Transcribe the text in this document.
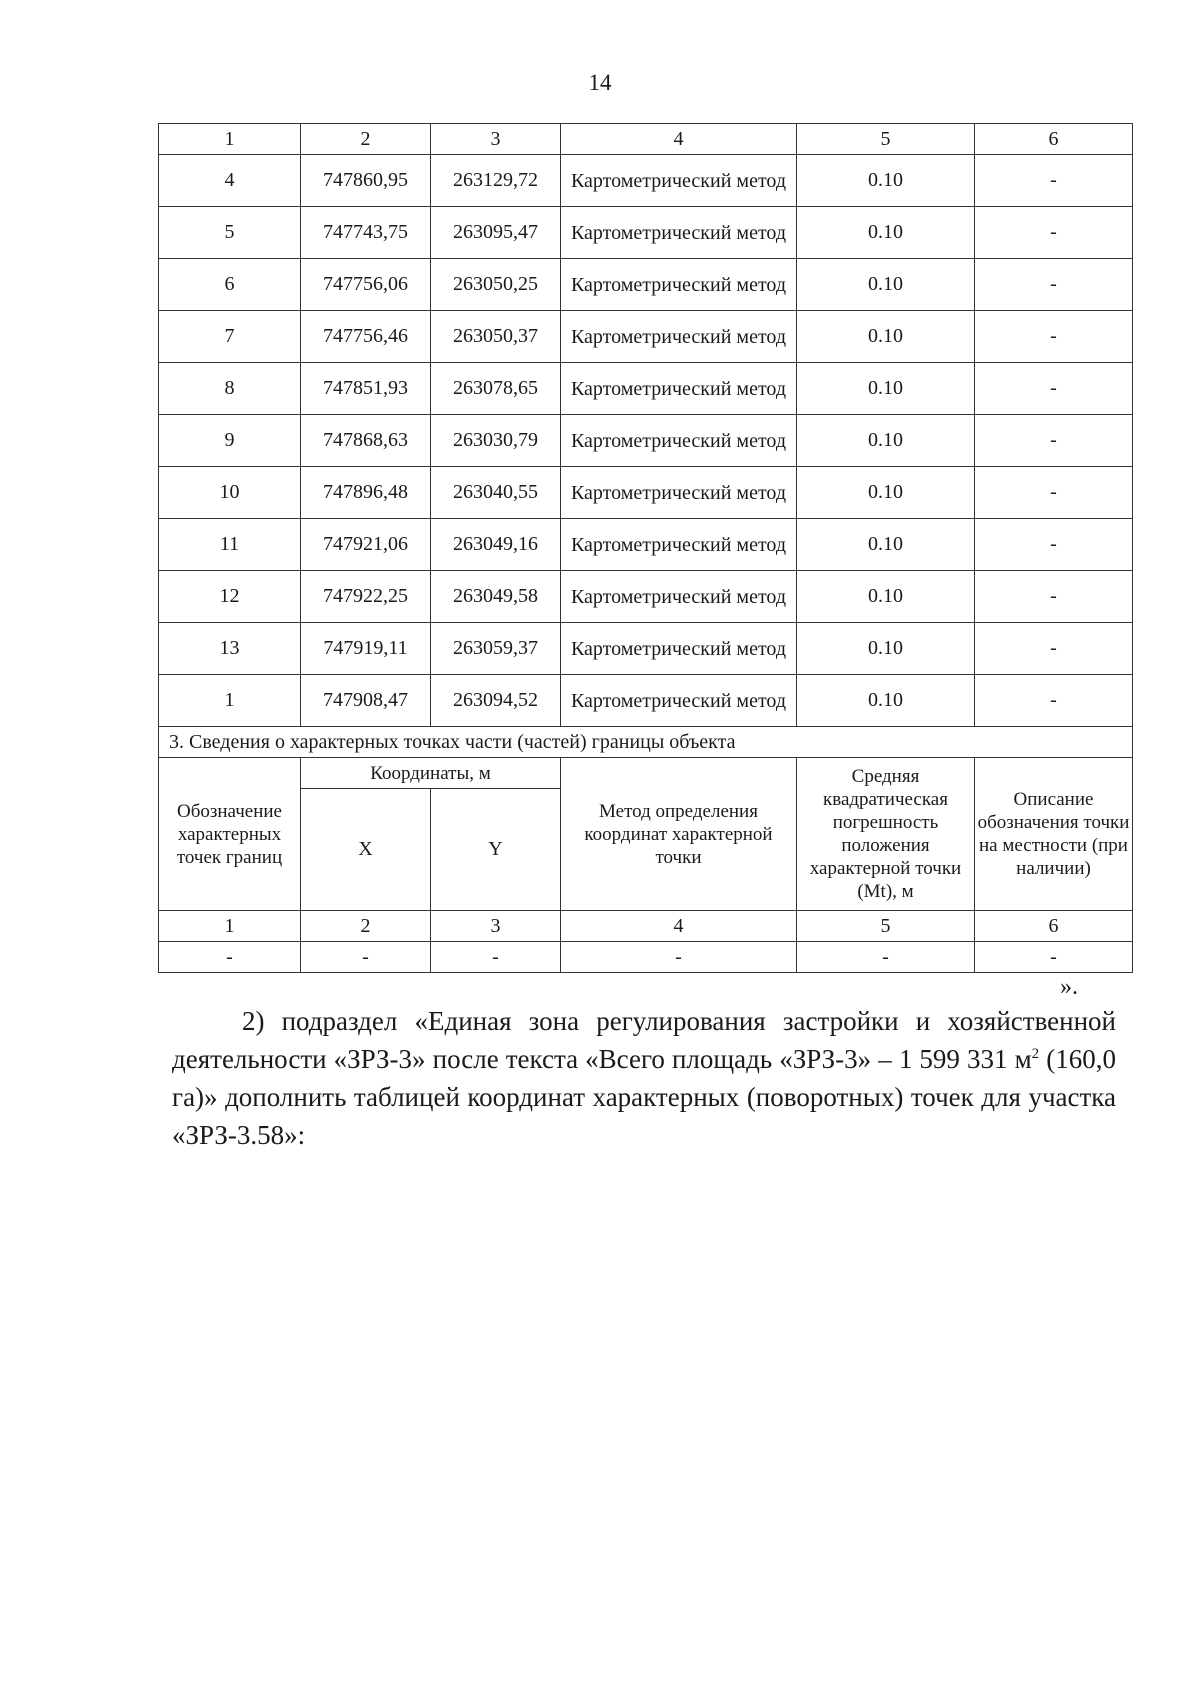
14
1	2	3	4	5	6
4	747860,95	263129,72	Картометрический метод	0.10	-
5	747743,75	263095,47	Картометрический метод	0.10	-
6	747756,06	263050,25	Картометрический метод	0.10	-
7	747756,46	263050,37	Картометрический метод	0.10	-
8	747851,93	263078,65	Картометрический метод	0.10	-
9	747868,63	263030,79	Картометрический метод	0.10	-
10	747896,48	263040,55	Картометрический метод	0.10	-
11	747921,06	263049,16	Картометрический метод	0.10	-
12	747922,25	263049,58	Картометрический метод	0.10	-
13	747919,11	263059,37	Картометрический метод	0.10	-
1	747908,47	263094,52	Картометрический метод	0.10	-
3. Сведения о характерных точках части (частей) границы объекта					
Обозначение характерных точек границ	Координаты, м		Метод определения координат характерной точки	Средняя квадратическая погрешность положения характерной точки (Mt), м	Описание обозначения точки на местности (при наличии)
	X	Y			
1	2	3	4	5	6
-	-	-	-	-	-
».

2) подраздел «Единая зона регулирования застройки и хозяйственной деятельности «ЗРЗ-3» после текста «Всего площадь «ЗРЗ-3» – 1 599 331 $м^2$ (160,0 га)» дополнить таблицей координат характерных (поворотных) точек для участка «ЗРЗ-3.58»:
